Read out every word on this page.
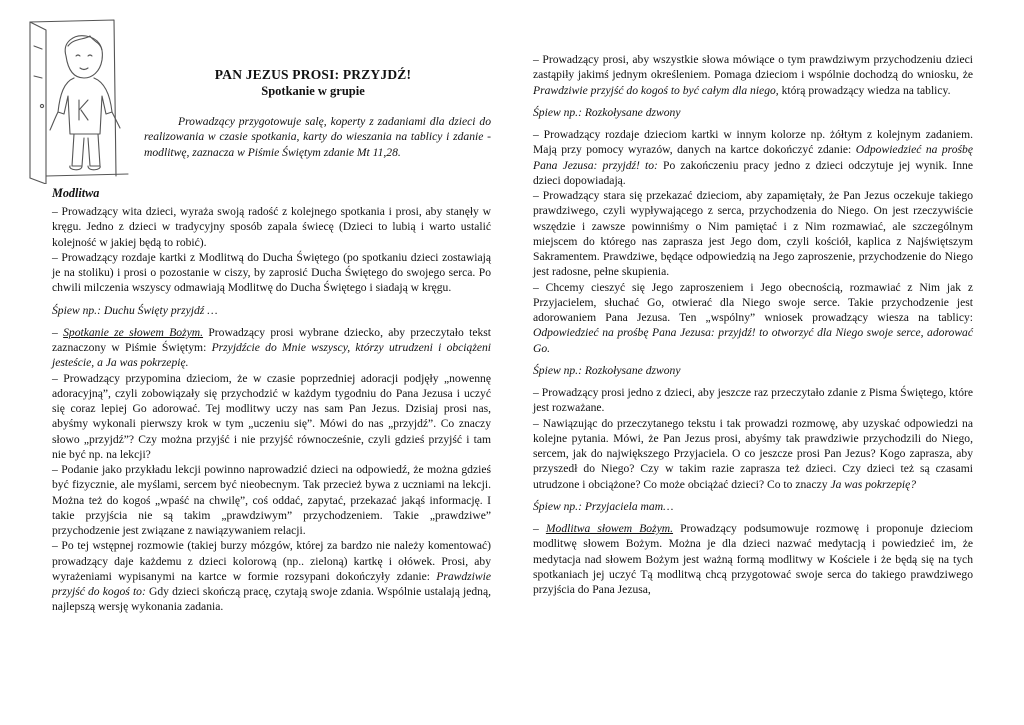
PAN JEZUS PROSI: PRZYJDŹ!
Spotkanie w grupie
Prowadzący przygotowuje salę, koperty z zadaniami dla dzieci do realizowania w czasie spotkania, karty do wieszania na tablicy i zdanie - modlitwę, zaznacza w Piśmie Świętym zdanie Mt 11,28.
Modlitwa

– Prowadzący wita dzieci, wyraża swoją radość z kolejnego spotkania i prosi, aby stanęły w kręgu. Jedno z dzieci w tradycyjny sposób zapala świecę (Dzieci to lubią i warto ustalić kolejność w jakiej będą to robić).

– Prowadzący rozdaje kartki z Modlitwą do Ducha Świętego (po spotkaniu dzieci zostawiają je na stoliku) i prosi o pozostanie w ciszy, by zaprosić Ducha Świętego do swojego serca. Po chwili milczenia wszyscy odmawiają Modlitwę do Ducha Świętego i siadają w kręgu.

Śpiew np.: Duchu Święty przyjdź …

– Spotkanie ze słowem Bożym. Prowadzący prosi wybrane dziecko, aby przeczytało tekst zaznaczony w Piśmie Świętym: Przyjdźcie do Mnie wszyscy, którzy utrudzeni i obciążeni jesteście, a Ja was pokrzepię.

– Prowadzący przypomina dzieciom, że w czasie poprzedniej adoracji podjęły „nowennę adoracyjną”, czyli zobowiązały się przychodzić w każdym tygodniu do Pana Jezusa i uczyć się coraz lepiej Go adorować. Tej modlitwy uczy nas sam Pan Jezus. Dzisiaj prosi nas, abyśmy wykonali pierwszy krok w tym „uczeniu się”. Mówi do nas „przyjdź”. Co znaczy słowo „przyjdź”? Czy można przyjść i nie przyjść równocześnie, czyli gdzieś przyjść i tam nie być np. na lekcji?

– Podanie jako przykładu lekcji powinno naprowadzić dzieci na odpowiedź, że można gdzieś być fizycznie, ale myślami, sercem być nieobecnym. Tak przecież bywa z uczniami na lekcji. Można też do kogoś „wpaść na chwilę”, coś oddać, zapytać, przekazać jakąś informację. I takie przyjścia nie są takim „prawdziwym” przychodzeniem. Takie „prawdziwe” przychodzenie jest związane z nawiązywaniem relacji.

– Po tej wstępnej rozmowie (takiej burzy mózgów, której za bardzo nie należy komentować) prowadzący daje każdemu z dzieci kolorową (np.. zieloną) kartkę i ołówek. Prosi, aby wyrażeniami wypisanymi na kartce w formie rozsypani dokończyły zdanie: Prawdziwie przyjść do kogoś to: Gdy dzieci skończą pracę, czytają swoje zdania. Wspólnie ustalają jedną, najlepszą wersję wykonania zadania.

– Prowadzący prosi, aby wszystkie słowa mówiące o tym prawdziwym przychodzeniu dzieci zastąpiły jakimś jednym określeniem. Pomaga dzieciom i wspólnie dochodzą do wniosku, że Prawdziwie przyjść do kogoś to być całym dla niego, którą prowadzący wiedza na tablicy.

Śpiew np.: Rozkołysane dzwony

– Prowadzący rozdaje dzieciom kartki w innym kolorze np. żółtym z kolejnym zadaniem. Mają przy pomocy wyrazów, danych na kartce dokończyć zdanie: Odpowiedzieć na prośbę Pana Jezusa: przyjdź! to: Po zakończeniu pracy jedno z dzieci odczytuje jej wynik. Inne dzieci dopowiadają.

– Prowadzący stara się przekazać dzieciom, aby zapamiętały, że Pan Jezus oczekuje takiego prawdziwego, czyli wypływającego z serca, przychodzenia do Niego. On jest rzeczywiście wszędzie i zawsze powinniśmy o Nim pamiętać i z Nim rozmawiać, ale szczególnym miejscem do którego nas zaprasza jest Jego dom, czyli kościół, kaplica z Najświętszym Sakramentem. Prawdziwe, będące odpowiedzią na Jego zaproszenie, przychodzenie do Niego jest radosne, pełne skupienia.

– Chcemy cieszyć się Jego zaproszeniem i Jego obecnością, rozmawiać z Nim jak z Przyjacielem, słuchać Go, otwierać dla Niego swoje serce. Takie przychodzenie jest adorowaniem Pana Jezusa. Ten „wspólny” wniosek prowadzący wiesza na tablicy: Odpowiedzieć na prośbę Pana Jezusa: przyjdź! to otworzyć dla Niego swoje serce, adorować Go.

Śpiew np.: Rozkołysane dzwony

– Prowadzący prosi jedno z dzieci, aby jeszcze raz przeczytało zdanie z Pisma Świętego, które jest rozważane.

– Nawiązując do przeczytanego tekstu i tak prowadzi rozmowę, aby uzyskać odpowiedzi na kolejne pytania. Mówi, że Pan Jezus prosi, abyśmy tak prawdziwie przychodzili do Niego, sercem, jak do największego Przyjaciela. O co jeszcze prosi Pan Jezus? Kogo zaprasza, aby przyszedł do Niego? Czy w takim razie zaprasza też dzieci. Czy dzieci też są czasami utrudzone i obciążone? Co może obciążać dzieci? Co to znaczy Ja was pokrzepię?

Śpiew np.: Przyjaciela mam…

– Modlitwa słowem Bożym. Prowadzący podsumowuje rozmowę i proponuje dzieciom modlitwę słowem Bożym. Można je dla dzieci nazwać medytacją i powiedzieć im, że medytacja nad słowem Bożym jest ważną formą modlitwy w Kościele i że będą się na tych spotkaniach jej uczyć Tą modlitwą chcą przygotować swoje serca do takiego prawdziwego przyjścia do Pana Jezusa,
